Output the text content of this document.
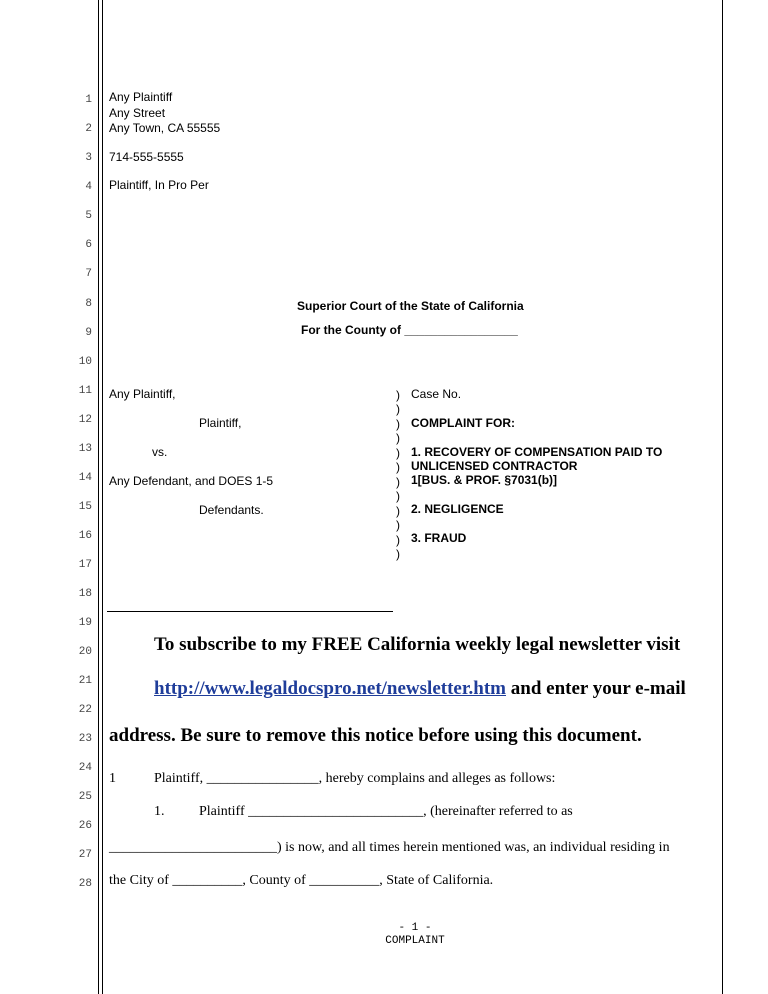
1
2
3
4
5
6
7
8
9
10
11
12
13
14
15
16
17
18
19
20
21
22
23
24
25
26
27
28
Any Plaintiff
Any Street
Any Town, CA 55555
714-555-5555
Plaintiff, In Pro Per
Superior Court of the State of California
For the County of _________________
Any Plaintiff,
Plaintiff,
vs.
Any Defendant, and DOES 1-5
Defendants.
)
)
)
)
)
)
)
)
)
)
)
)
Case No.
COMPLAINT FOR:
1. RECOVERY OF COMPENSATION PAID TO
UNLICENSED CONTRACTOR
1[BUS. & PROF. §7031(b)]
2. NEGLIGENCE
3. FRAUD
To subscribe to my FREE California weekly legal newsletter visit
http://www.legaldocspro.net/newsletter.htm and enter your e-mail
address. Be sure to remove this notice before using this document.
1	Plaintiff, ________________, hereby complains and alleges as follows:
1. Plaintiff _________________________, (hereinafter referred to as
________________________) is now, and all times herein mentioned was, an individual residing in
the City of __________, County of __________, State of California.
- 1 -
COMPLAINT
